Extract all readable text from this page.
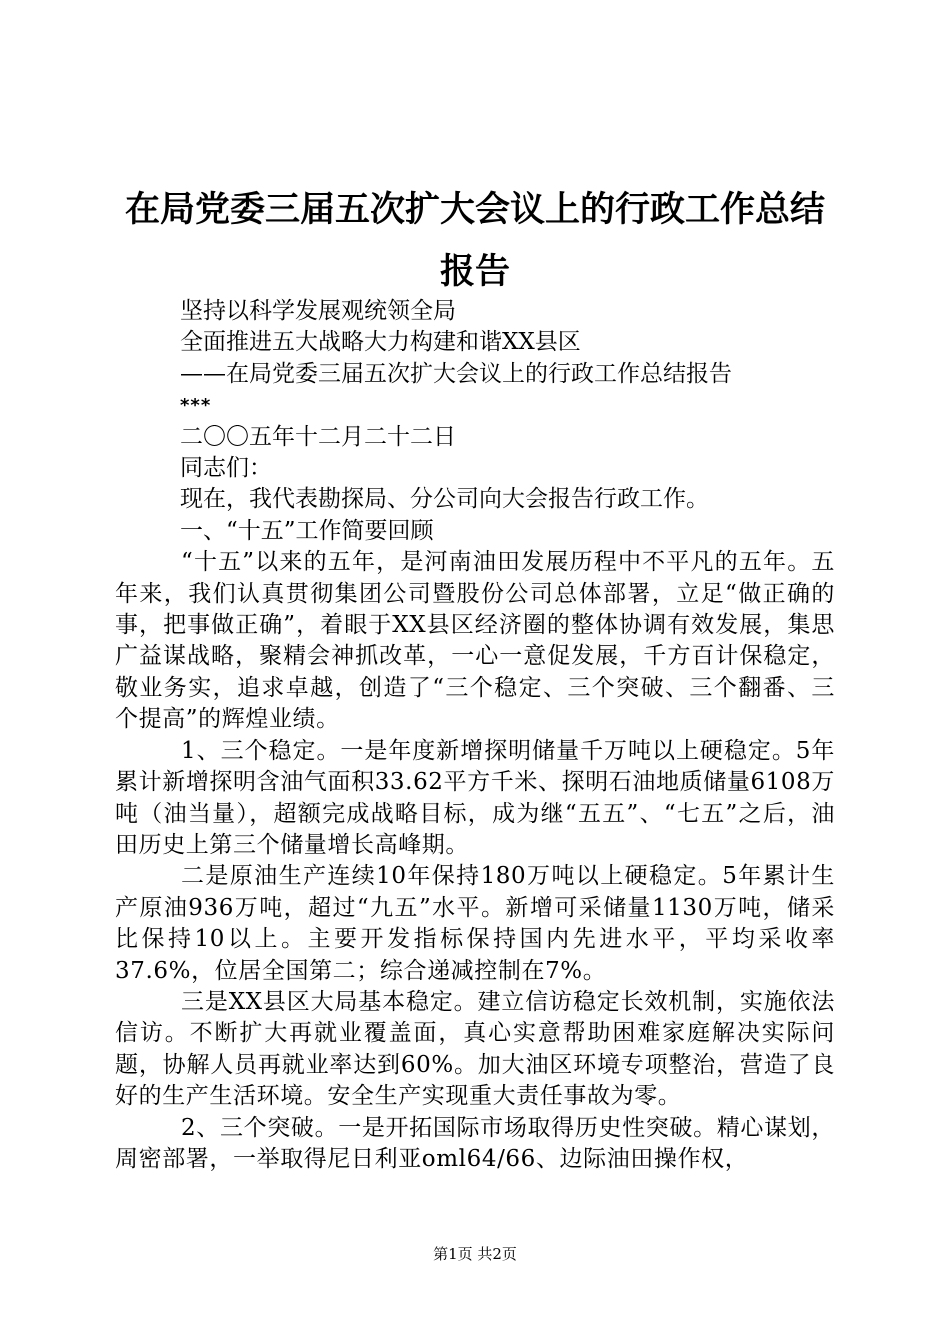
在局党委三届五次扩大会议上的行政工作总结
报告
坚持以科学发展观统领全局
全面推进五大战略大力构建和谐XX县区
——在局党委三届五次扩大会议上的行政工作总结报告
***
二〇〇五年十二月二十二日
同志们：
现在，我代表勘探局、分公司向大会报告行政工作。
一、“十五”工作简要回顾
“十五”以来的五年，是河南油田发展历程中不平凡的五年。五年来，我们认真贯彻集团公司暨股份公司总体部署，立足“做正确的事，把事做正确”，着眼于XX县区经济圈的整体协调有效发展，集思广益谋战略，聚精会神抓改革，一心一意促发展，千方百计保稳定，敬业务实，追求卓越，创造了“三个稳定、三个突破、三个翻番、三个提高”的辉煌业绩。
1、三个稳定。一是年度新增探明储量千万吨以上硬稳定。5年累计新增探明含油气面积33.62平方千米、探明石油地质储量6108万吨（油当量），超额完成战略目标，成为继“五五”、“七五”之后，油田历史上第三个储量增长高峰期。
二是原油生产连续10年保持180万吨以上硬稳定。5年累计生产原油936万吨，超过“九五”水平。新增可采储量1130万吨，储采比保持10以上。主要开发指标保持国内先进水平，平均采收率37.6%，位居全国第二；综合递减控制在7%。
三是XX县区大局基本稳定。建立信访稳定长效机制，实施依法信访。不断扩大再就业覆盖面，真心实意帮助困难家庭解决实际问题，协解人员再就业率达到60%。加大油区环境专项整治，营造了良好的生产生活环境。安全生产实现重大责任事故为零。
2、三个突破。一是开拓国际市场取得历史性突破。精心谋划，周密部署，一举取得尼日利亚oml64/66、边际油田操作权，
第1页 共2页
